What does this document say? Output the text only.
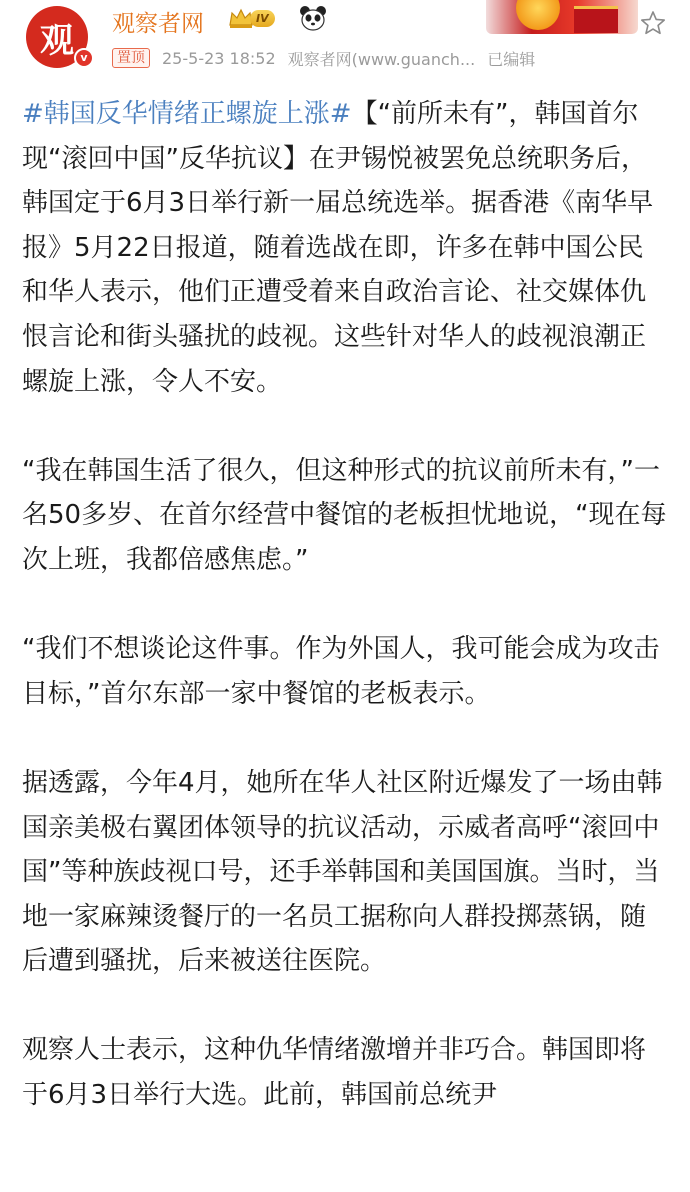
观 v
观察者网	IV
置顶	25-5-23 18:52 观察者网(www.guanch... 已编辑

#韩国反华情绪正螺旋上涨#【“前所未有”，韩国首尔现“滚回中国”反华抗议】在尹锡悦被罢免总统职务后，韩国定于6月3日举行新一届总统选举。据香港《南华早报》5月22日报道，随着选战在即，许多在韩中国公民和华人表示，他们正遭受着来自政治言论、社交媒体仇恨言论和街头骚扰的歧视。这些针对华人的歧视浪潮正螺旋上涨，令人不安。

“我在韩国生活了很久，但这种形式的抗议前所未有，”一名50多岁、在首尔经营中餐馆的老板担忧地说，“现在每次上班，我都倍感焦虑。”

“我们不想谈论这件事。作为外国人，我可能会成为攻击目标，”首尔东部一家中餐馆的老板表示。

据透露，今年4月，她所在华人社区附近爆发了一场由韩国亲美极右翼团体领导的抗议活动，示威者高呼“滚回中国”等种族歧视口号，还手举韩国和美国国旗。当时，当地一家麻辣烫餐厅的一名员工据称向人群投掷蒸锅，随后遭到骚扰，后来被送往医院。

观察人士表示，这种仇华情绪激增并非巧合。韩国即将于6月3日举行大选。此前，韩国前总统尹
